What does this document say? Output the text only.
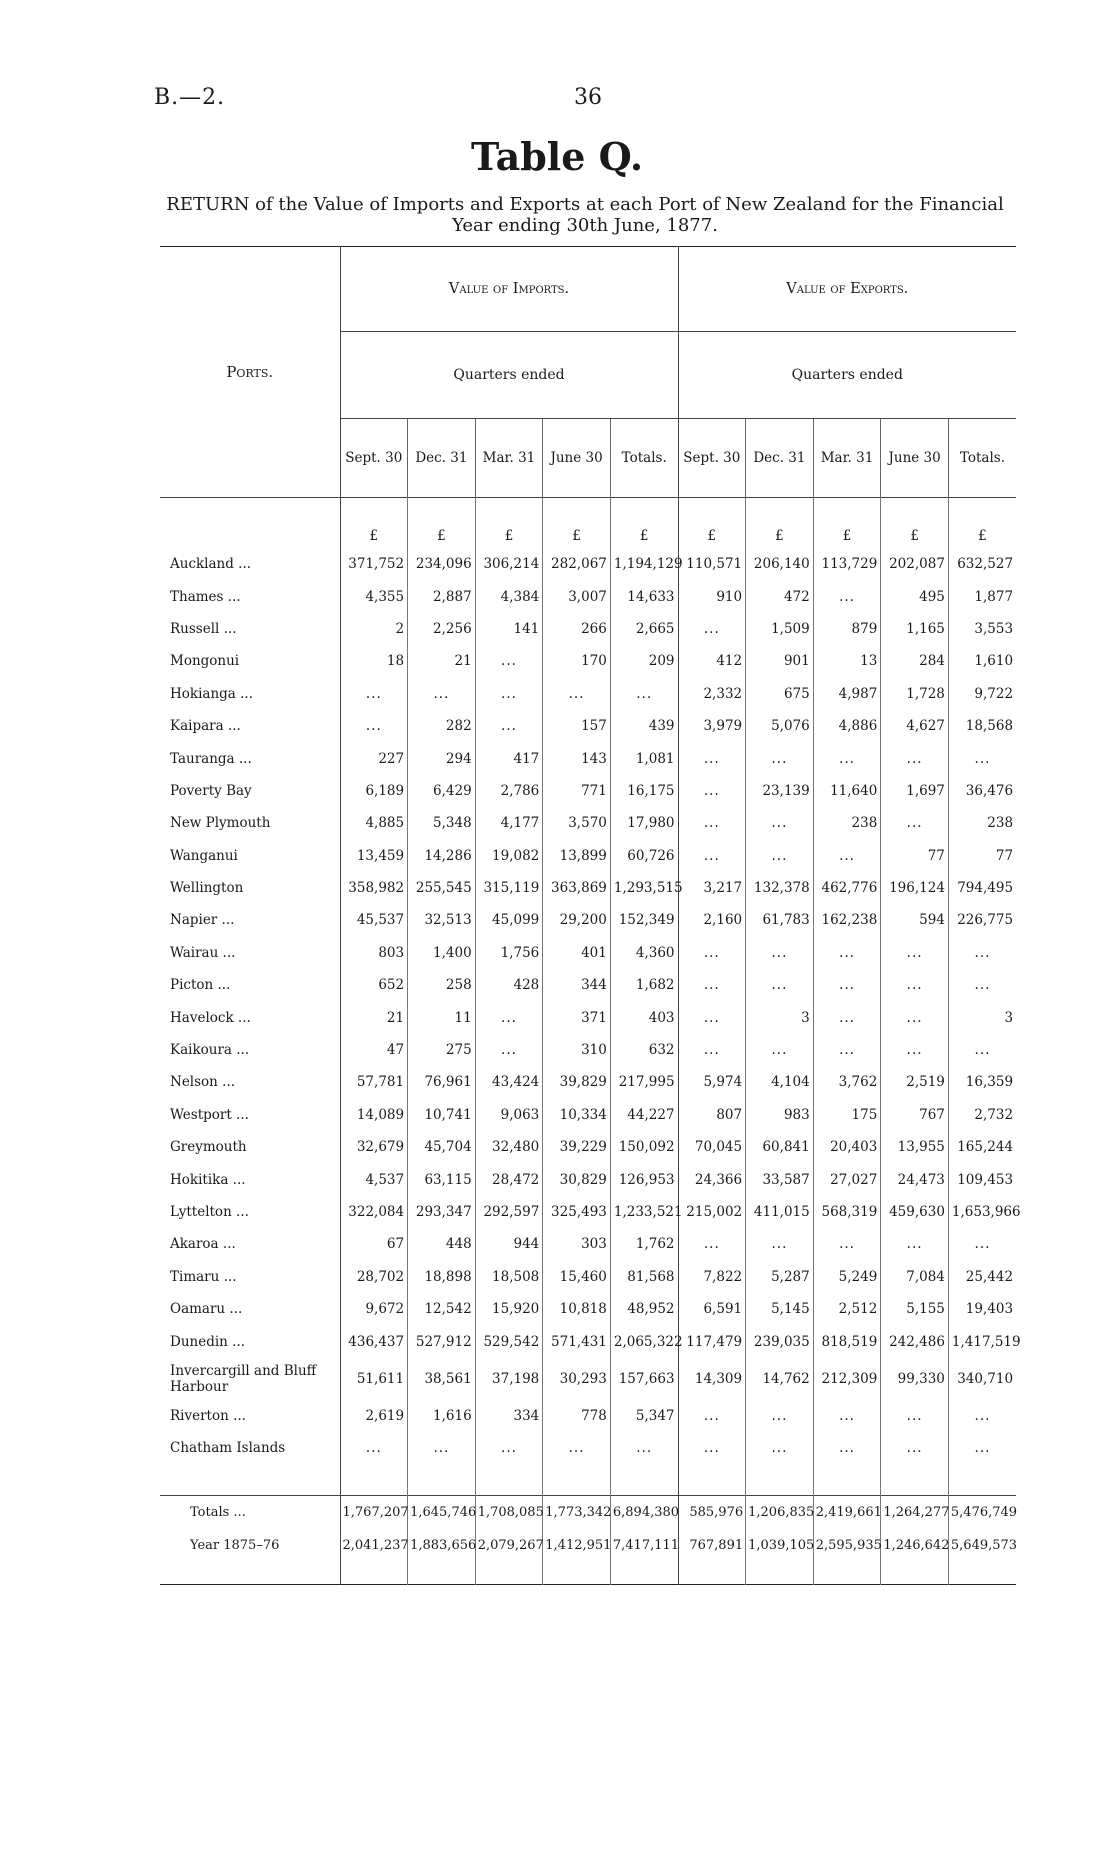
B.—2.	36
Table Q.
RETURN of the Value of Imports and Exports at each Port of New Zealand for the Financial
Year ending 30th June, 1877.
Ports.	Value of Imports.					Value of Exports.				
	Quarters ended					Quarters ended				
	Sept. 30	Dec. 31	Mar. 31	June 30	Totals.	Sept. 30	Dec. 31	Mar. 31	June 30	Totals.
	£	£	£	£	£	£	£	£	£	£
Auckland ...	371,752	234,096	306,214	282,067	1,194,129	110,571	206,140	113,729	202,087	632,527
Thames ...	4,355	2,887	4,384	3,007	14,633	910	472	...	495	1,877
Russell ...	2	2,256	141	266	2,665	...	1,509	879	1,165	3,553
Mongonui	18	21	...	170	209	412	901	13	284	1,610
Hokianga ...	...	...	...	...	...	2,332	675	4,987	1,728	9,722
Kaipara ...	...	282	...	157	439	3,979	5,076	4,886	4,627	18,568
Tauranga ...	227	294	417	143	1,081	...	...	...	...	...
Poverty Bay	6,189	6,429	2,786	771	16,175	...	23,139	11,640	1,697	36,476
New Plymouth	4,885	5,348	4,177	3,570	17,980	...	...	238	...	238
Wanganui	13,459	14,286	19,082	13,899	60,726	...	...	...	77	77
Wellington	358,982	255,545	315,119	363,869	1,293,515	3,217	132,378	462,776	196,124	794,495
Napier ...	45,537	32,513	45,099	29,200	152,349	2,160	61,783	162,238	594	226,775
Wairau ...	803	1,400	1,756	401	4,360	...	...	...	...	...
Picton ...	652	258	428	344	1,682	...	...	...	...	...
Havelock ...	21	11	...	371	403	...	3	...	...	3
Kaikoura ...	47	275	...	310	632	...	...	...	...	...
Nelson ...	57,781	76,961	43,424	39,829	217,995	5,974	4,104	3,762	2,519	16,359
Westport ...	14,089	10,741	9,063	10,334	44,227	807	983	175	767	2,732
Greymouth	32,679	45,704	32,480	39,229	150,092	70,045	60,841	20,403	13,955	165,244
Hokitika ...	4,537	63,115	28,472	30,829	126,953	24,366	33,587	27,027	24,473	109,453
Lyttelton ...	322,084	293,347	292,597	325,493	1,233,521	215,002	411,015	568,319	459,630	1,653,966
Akaroa ...	67	448	944	303	1,762	...	...	...	...	...
Timaru ...	28,702	18,898	18,508	15,460	81,568	7,822	5,287	5,249	7,084	25,442
Oamaru ...	9,672	12,542	15,920	10,818	48,952	6,591	5,145	2,512	5,155	19,403
Dunedin ...	436,437	527,912	529,542	571,431	2,065,322	117,479	239,035	818,519	242,486	1,417,519
Invercargill and Bluff Harbour	51,611	38,561	37,198	30,293	157,663	14,309	14,762	212,309	99,330	340,710
Riverton ...	2,619	1,616	334	778	5,347	...	...	...	...	...
Chatham Islands	...	...	...	...	...	...	...	...	...	...

Totals ...	1,767,207	1,645,746	1,708,085	1,773,342	6,894,380	585,976	1,206,835	2,419,661	1,264,277	5,476,749
Year 1875–76	2,041,237	1,883,656	2,079,267	1,412,951	7,417,111	767,891	1,039,105	2,595,935	1,246,642	5,649,573
